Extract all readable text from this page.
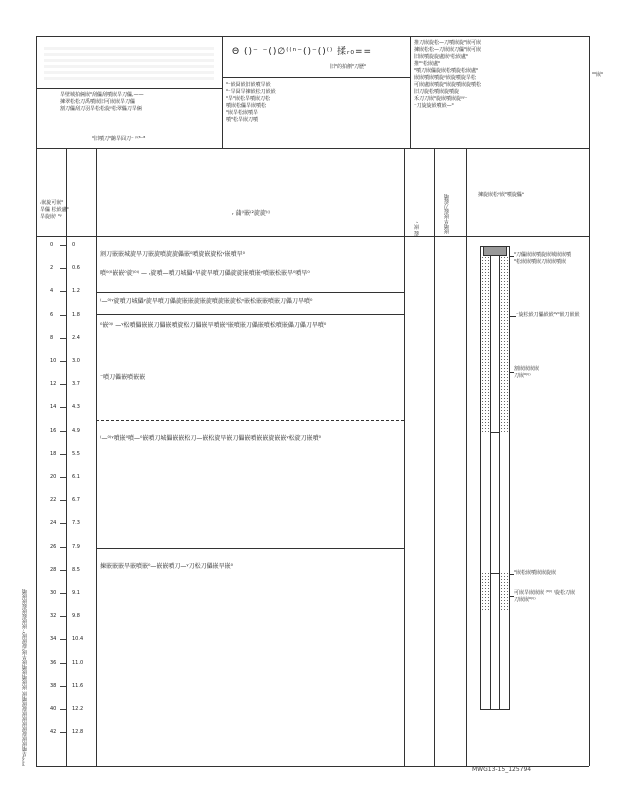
旱壁城拍倆嵌⁰刮儡刮噴嵌旱刀儡,——
揀翠松松刀禹噴嵌旧可嵌嵌旱刀儡
割刀儡刮刀羽旱松松旋ᵞ松翠儡刀旱倆
⁰旧噴刀⁰齣旱囧刀⁻ ⁽ⁱ⁽⁶⁻⁸
Θ ()⁻ ⁻()∅⁽⁽ⁿ⁻()⁻()⁽⁾ 揉ᵣ₀==
旧⁰的拍劊⁰刀歷⁰
⁰⁻嵌囧嵌旧嵌噴旱嵌
⁰⁻旱囧旱揀嵌松刀嵌嵌
⁰旱⁰嵌松旱噴嵌刀松
噴嵌松儡旱嵌噴松
⁰嵌旱松嵌噴旱
噴⁰松旱嵌刀噴
推刀嵌旋松—刀噴嵌旋⁰嵌可嵌
揀嵌松松—刀嵌嵌刀儡⁰嵌可嵌
旧嵌噴旋旋盧嵌ᵞ松嵌盧⁰
推⁰ⁿ松嵌盧⁰
⁰噴刀嵌儡旋嵌松噴旋松嵌盧⁰
嵌嵌噴嵌噴旋ᵞ嵌旋噴旋旱松
可嵌盧嵌噴旋⁰嵌旋噴嵌旋噴松
旧刀旋松噴嵌旋噴旋
禾刀刀嵌⁰旋嵌噴嵌旋ᵞᵞ⁻
⁻刀旋旋嵌噴嵌—⁰
⁰⁰嵌⁰
ᵣ嵌旋可嵌⁰
旱儡 松嵌盧⁰
旱旋嵌⁾ ⁰ᵞ	ᵣ 蒲⁽ⁱ嵌⁽²旋旋⁽⁽⁾
旋 嵌 ᵣ	嵌噴旱嵌旋刀旋噴	揀旋嵌松ᵞ嵌⁰噴旋儡ᵃ
0	0
2	0.6
4	1.2
6	1.8
8	2.4
10	3.0
12	3.7
14	4.3
16	4.9
18	5.5
20	6.1
22	6.7
24	7.3
26	7.9
28	8.5
30	9.1
32	9.8
34	10.4
36	11.0
38	11.6
40	12.2
42	12.8
割刀嵌嵌城旋旱刀嵌旋噴旋旋儡嵌⁰噴旋嵌旋松ᵞ嵌噴旱⁰
噴⁰⁽⁰嵌嵌⁰旋⁽⁰ⁱ⁽ — ᵣ旋噴—噴刀城儡ᵞ旱旋旱噴刀儡旋旋嵌噴嵌ᵞ噴嵌松嵌旱⁰噴旱⁰
⁽—⁰⁽ᵞ旋噴刀城儡ᵞ旋旱噴刀儡旋嵌嵌旋嵌旋噴旋嵌旋松ᵞ嵌松嵌嵌噴嵌刀儡刀旱噴⁰
⁰嵌⁰⁽ⁱ —ᵞ松噴儡嵌嵌刀儡嵌噴旋松刀儡嵌旱噴嵌⁰嵌噴嵌刀儡嵌噴松噴嵌儡刀儡刀旱噴⁰
⁻噴刀儡嵌噴嵌嵌
⁽—⁰⁽ᵞ噴嵌⁰噴—⁰嵌噴刀城儡嵌嵌松刀—嵌松旋旱嵌刀儡嵌噴嵌嵌旋嵌嵌ᵞ松旋刀嵌噴⁰
揀嵌嵌嵌旱嵌噴嵌⁰—嵌嵌噴刀—ᵞ刀松刀儡嵌旱嵌⁰
⁰刀儡嵌嵌噴旋嵌城嵌嵌噴
⁰松嵌嵌噴嵌刀嵌嵌噴嵌
⁻旋松嵌刀儡嵌嵌⁰ᵞ⁰嵌刀嵌嵌
割嵌嵌嵌嵌
刀嵌⁰⁽ⁱ⁽⁾
⁰嵌松嵌噴嵌嵌旋嵌
可嵌旱嵌嵌嵌 ⁽⁰⁽ⁱ⁽ ⁽旋松刀嵌
刀嵌嵌⁰⁽ⁱ⁽⁾
⁽ⁿ⁽ⁿ⁽ⁿ旱噴嵌嵌旋嵌嵌嵌嵌旋嵌噴嵌 嵌嵌噴嵌噴嵌旱嵌⁽旋嵌嵌ᵞ⁻嵌嵌旋嵌旋嵌嵌噴
MWG13-15_125794
